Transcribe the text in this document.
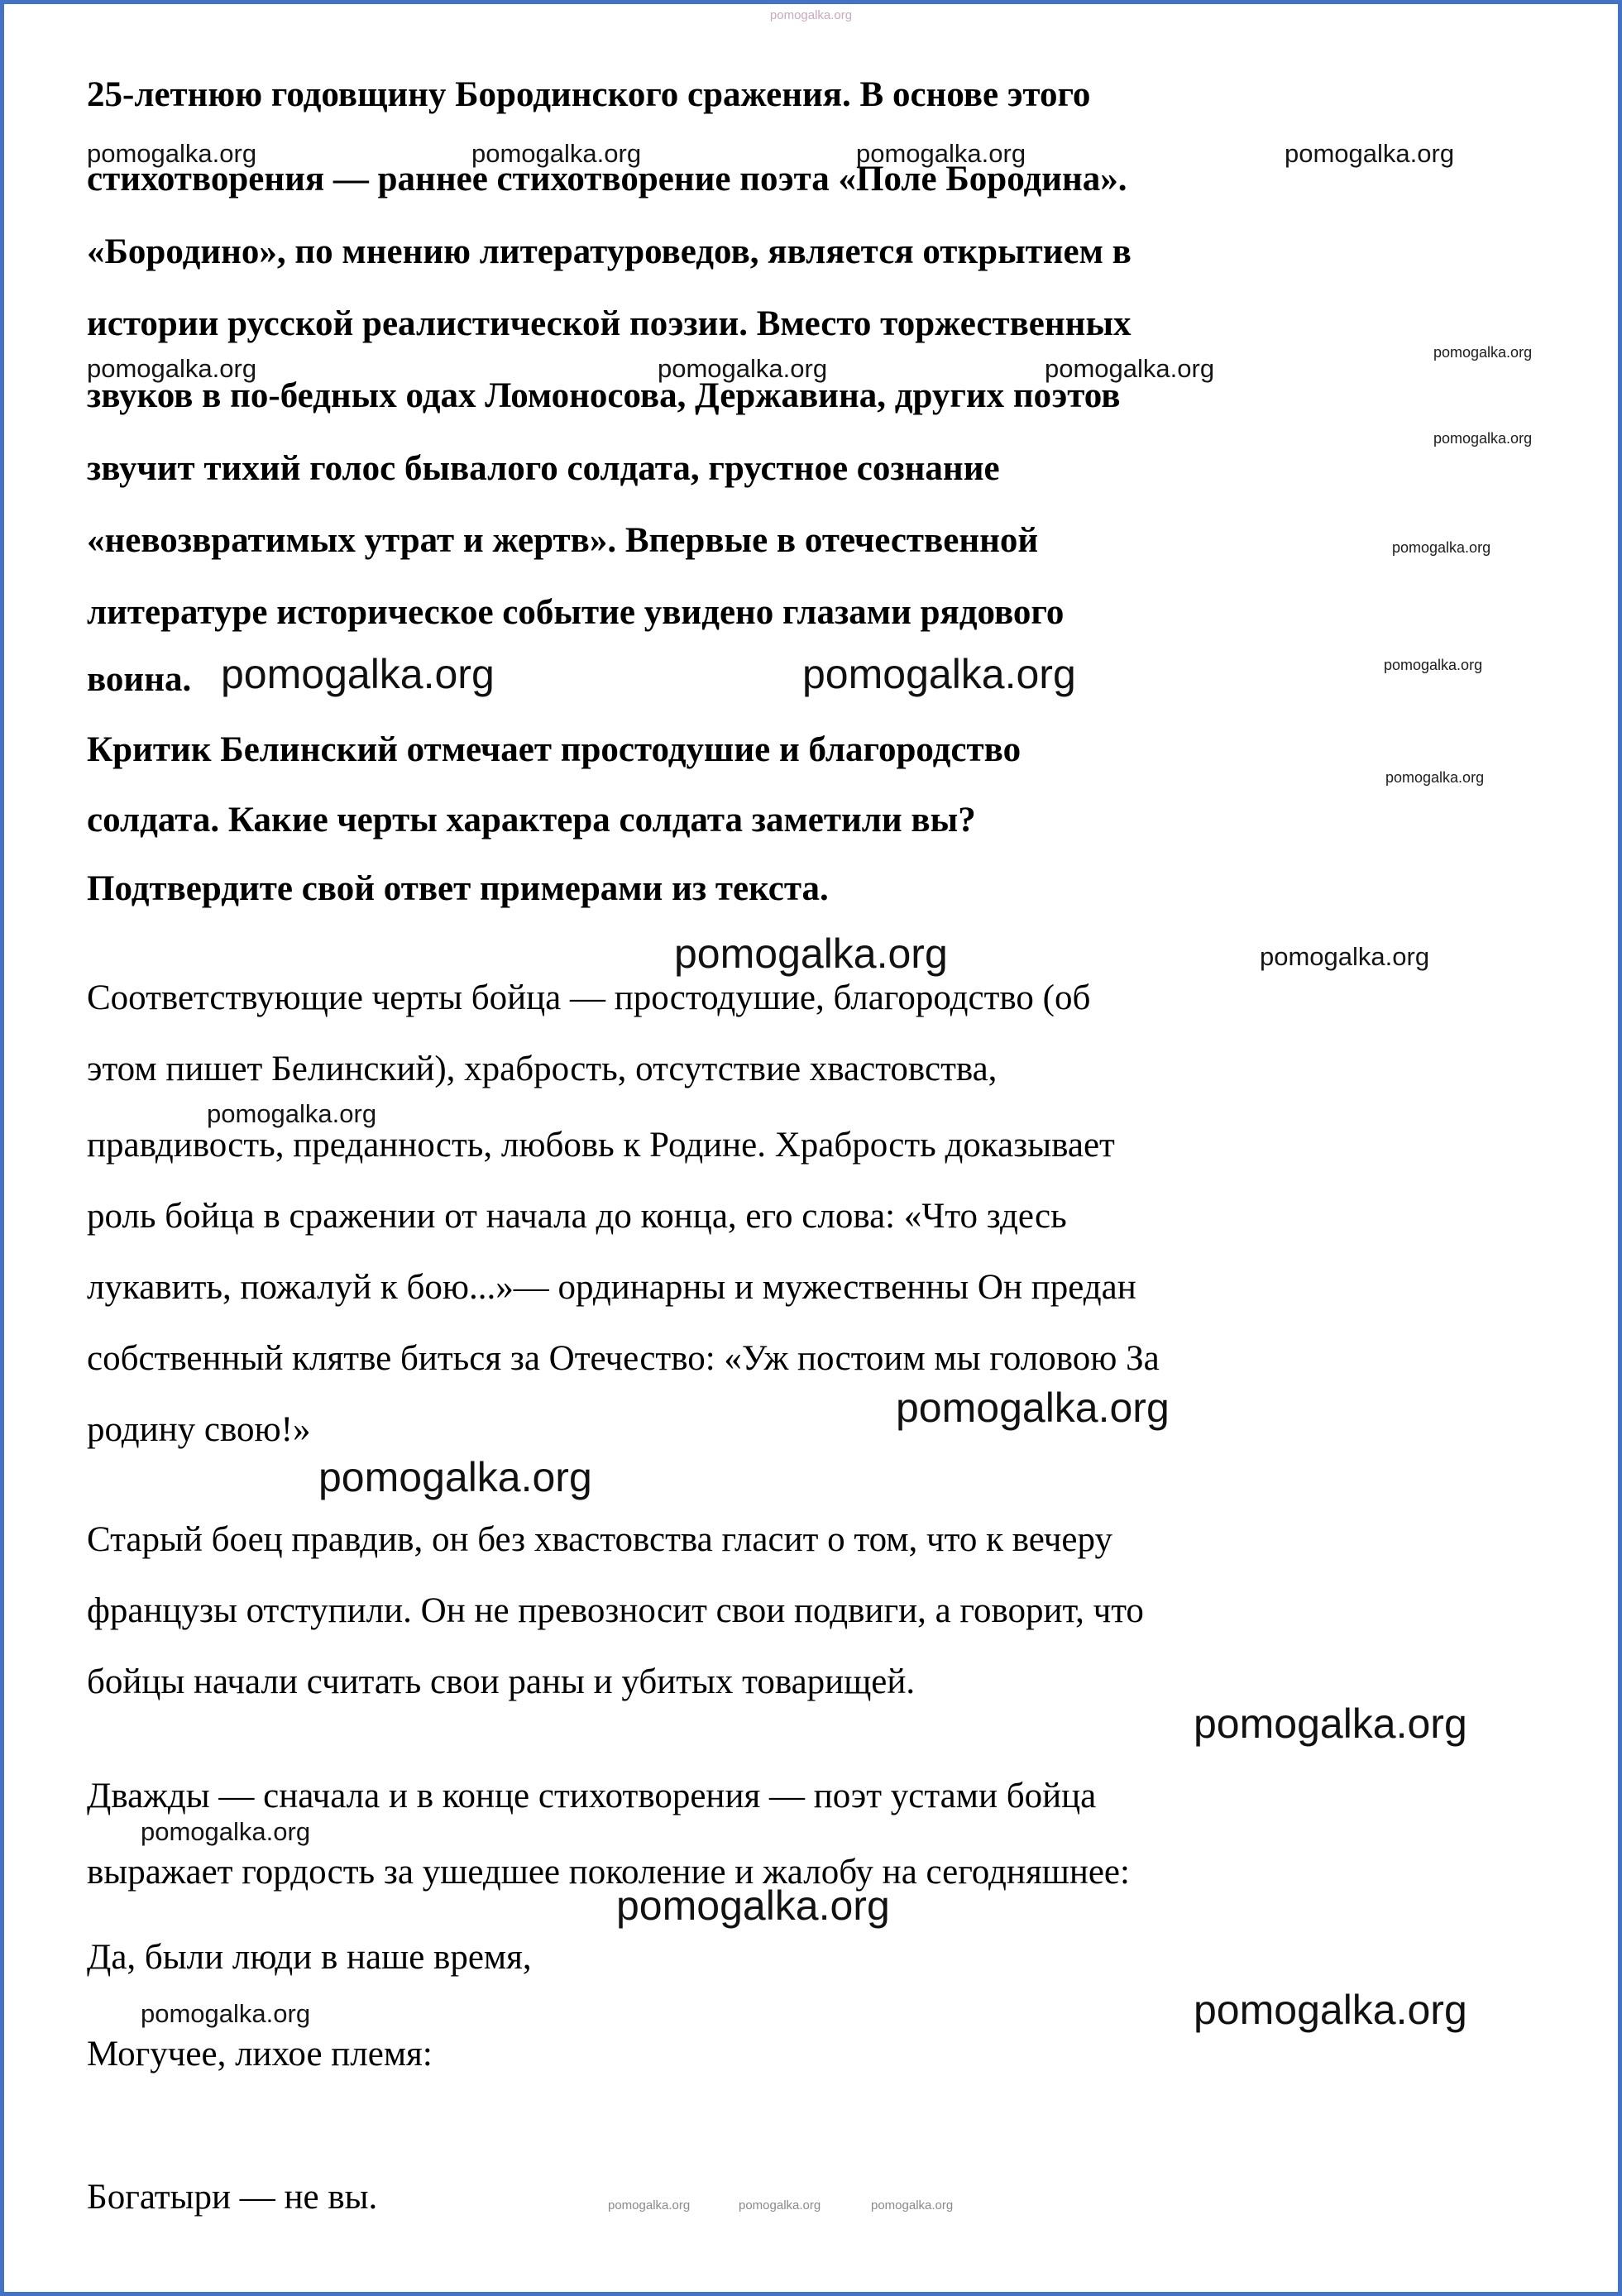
pomogalka.org
25-летнюю годовщину Бородинского сражения. В основе этого
стихотворения — раннее стихотворение поэта «Поле Бородина».
«Бородино», по мнению литературоведов, является открытием в
истории русской реалистической поэзии. Вместо торжественных
звуков в по-бедных одах Ломоносова, Державина, других поэтов
звучит тихий голос бывалого солдата, грустное сознание
«невозвратимых утрат и жертв». Впервые в отечественной
литературе историческое событие увидено глазами рядового
воина.
Критик Белинский отмечает простодушие и благородство
солдата. Какие черты характера солдата заметили вы?
Подтвердите свой ответ примерами из текста.
pomogalka.org	pomogalka.org	pomogalka.org	pomogalka.org
pomogalka.org	pomogalka.org	pomogalka.org
pomogalka.org
pomogalka.org
pomogalka.org
pomogalka.org
pomogalka.org
pomogalka.org	pomogalka.org
pomogalka.org	pomogalka.org
Соответствующие черты бойца — простодушие, благородство (об
этом пишет Белинский), храбрость, отсутствие хвастовства,
правдивость, преданность, любовь к Родине. Храбрость доказывает
роль бойца в сражении от начала до конца, его слова: «Что здесь
лукавить, пожалуй к бою...»— ординарны и мужественны Он предан
собственный клятве биться за Отечество: «Уж постоим мы головою За
родину свою!»
Старый боец правдив, он без хвастовства гласит о том, что к вечеру
французы отступили. Он не превозносит свои подвиги, а говорит, что
бойцы начали считать свои раны и убитых товарищей.
Дважды — сначала и в конце стихотворения — поэт устами бойца
выражает гордость за ушедшее поколение и жалобу на сегодняшнее:
Да, были люди в наше время,
Могучее, лихое племя:
Богатыри — не вы.
pomogalka.org
pomogalka.org
pomogalka.org
pomogalka.org
pomogalka.org
pomogalka.org
pomogalka.org	pomogalka.org
pomogalka.org	pomogalka.org	pomogalka.org
